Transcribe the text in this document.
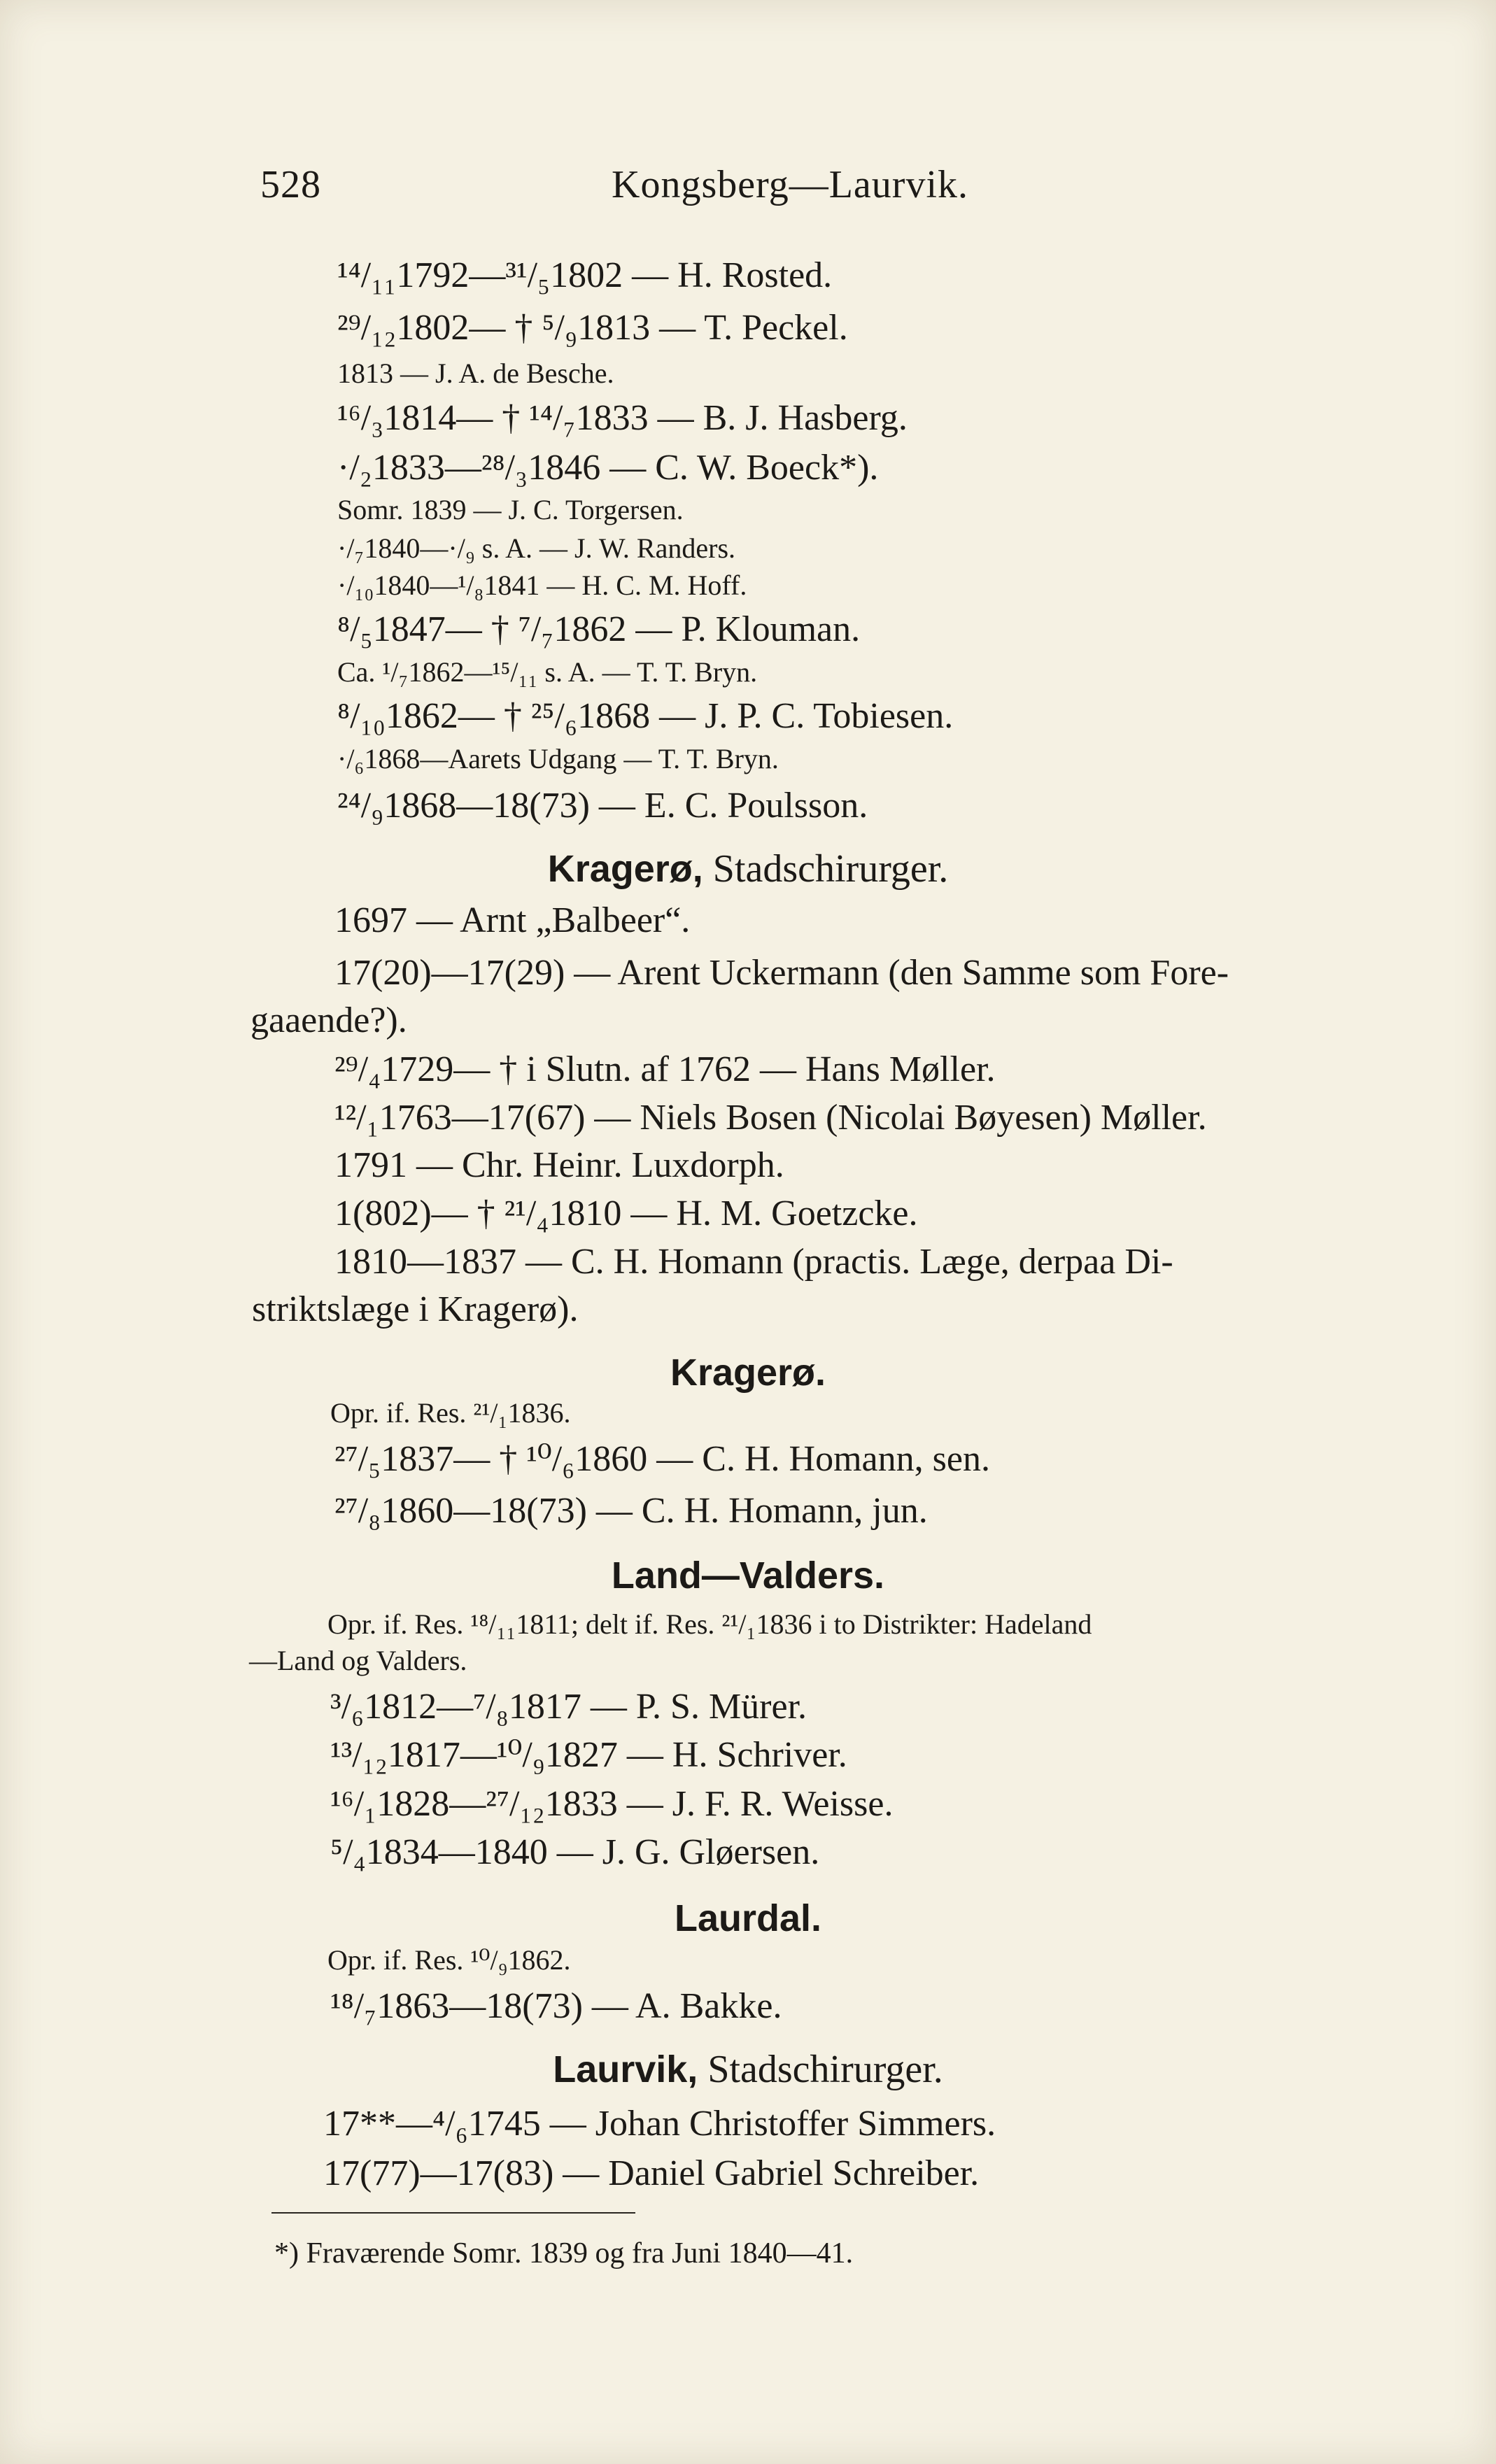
528	Kongsberg—Laurvik.
¹⁴/₁₁1792—³¹/₅1802 — H. Rosted.
²⁹/₁₂1802— † ⁵/₉1813 — T. Peckel.
1813 — J. A. de Besche.
¹⁶/₃1814— † ¹⁴/₇1833 — B. J. Hasberg.
·/₂1833—²⁸/₃1846 — C. W. Boeck*).
Somr. 1839 — J. C. Torgersen.
·/₇1840—·/₉ s. A. — J. W. Randers.
·/₁₀1840—¹/₈1841 — H. C. M. Hoff.
⁸/₅1847— † ⁷/₇1862 — P. Klouman.
Ca. ¹/₇1862—¹⁵/₁₁ s. A. — T. T. Bryn.
⁸/₁₀1862— † ²⁵/₆1868 — J. P. C. Tobiesen.
·/₆1868—Aarets Udgang — T. T. Bryn.
²⁴/₉1868—18(73) — E. C. Poulsson.
Kragerø, Stadschirurger.
1697 — Arnt „Balbeer“.
17(20)—17(29) — Arent Uckermann (den Samme som Fore-
gaaende?).
²⁹/₄1729— † i Slutn. af 1762 — Hans Møller.
¹²/₁1763—17(67) — Niels Bosen (Nicolai Bøyesen) Møller.
1791 — Chr. Heinr. Luxdorph.
1(802)— † ²¹/₄1810 — H. M. Goetzcke.
1810—1837 — C. H. Homann (practis. Læge, derpaa Di-
striktslæge i Kragerø).
Kragerø.
Opr. if. Res. ²¹/₁1836.
²⁷/₅1837— † ¹⁰/₆1860 — C. H. Homann, sen.
²⁷/₈1860—18(73) — C. H. Homann, jun.
Land—Valders.
Opr. if. Res. ¹⁸/₁₁1811; delt if. Res. ²¹/₁1836 i to Distrikter: Hadeland
—Land og Valders.
³/₆1812—⁷/₈1817 — P. S. Mürer.
¹³/₁₂1817—¹⁰/₉1827 — H. Schriver.
¹⁶/₁1828—²⁷/₁₂1833 — J. F. R. Weisse.
⁵/₄1834—1840 — J. G. Gløersen.
Laurdal.
Opr. if. Res. ¹⁰/₉1862.
¹⁸/₇1863—18(73) — A. Bakke.
Laurvik, Stadschirurger.
17**—⁴/₆1745 — Johan Christoffer Simmers.
17(77)—17(83) — Daniel Gabriel Schreiber.
*) Fraværende Somr. 1839 og fra Juni 1840—41.
